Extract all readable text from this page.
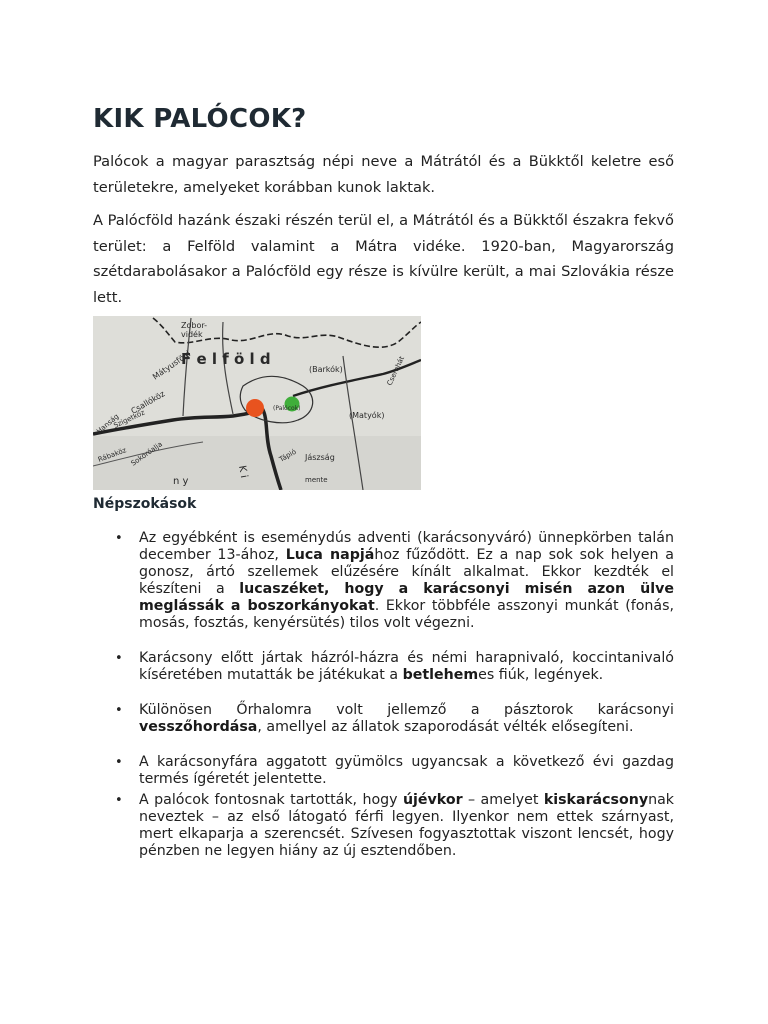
KIK PALÓCOK?

Palócok a magyar parasztság népi neve a Mátrától és a Bükktől keletre eső területekre, amelyeket korábban kunok laktak.

A Palócföld hazánk északi részén terül el, a Mátrától és a Bükktől északra fekvő terület: a Felföld valamint a Mátra vidéke. 1920-ban, Magyarország szétdarabolásakor a Palócföld egy része is kívülre került, a mai Szlovákia része lett.

Zobor-
vidék
F e l f ö l d
(Barkók)
(Matyók)
(Palócok)
Mátyusföld
Csallóköz
Szigetköz
Hanság
Rábaköz Sokoróalja	Jászság
Tápió
mente
n y
K i
Cserehát

Népszokások

• Az egyébként is eseménydús adventi (karácsonyváró) ünnepkörben talán december 13-ához, Luca napjához fűződött. Ez a nap sok sok helyen a gonosz, ártó szellemek elűzésére kínált alkalmat. Ekkor kezdték el készíteni a lucaszéket, hogy a karácsonyi misén azon ülve meglássák a boszorkányokat. Ekkor többféle asszonyi munkát (fonás, mosás, fosztás, kenyérsütés) tilos volt végezni.
• Karácsony előtt jártak házról-házra és némi harapnivaló, koccintanivaló kíséretében mutatták be játékukat a betlehemes fiúk, legények.
• Különösen Őrhalomra volt jellemző a pásztorok karácsonyi vesszőhordása, amellyel az állatok szaporodását vélték elősegíteni.
• A karácsonyfára aggatott gyümölcs ugyancsak a következő évi gazdag termés ígéretét jelentette.
• A palócok fontosnak tartották, hogy újévkor – amelyet kiskarácsonynak neveztek – az első látogató férfi legyen. Ilyenkor nem ettek szárnyast, mert elkaparja a szerencsét. Szívesen fogyasztottak viszont lencsét, hogy pénzben ne legyen hiány az új esztendőben.
